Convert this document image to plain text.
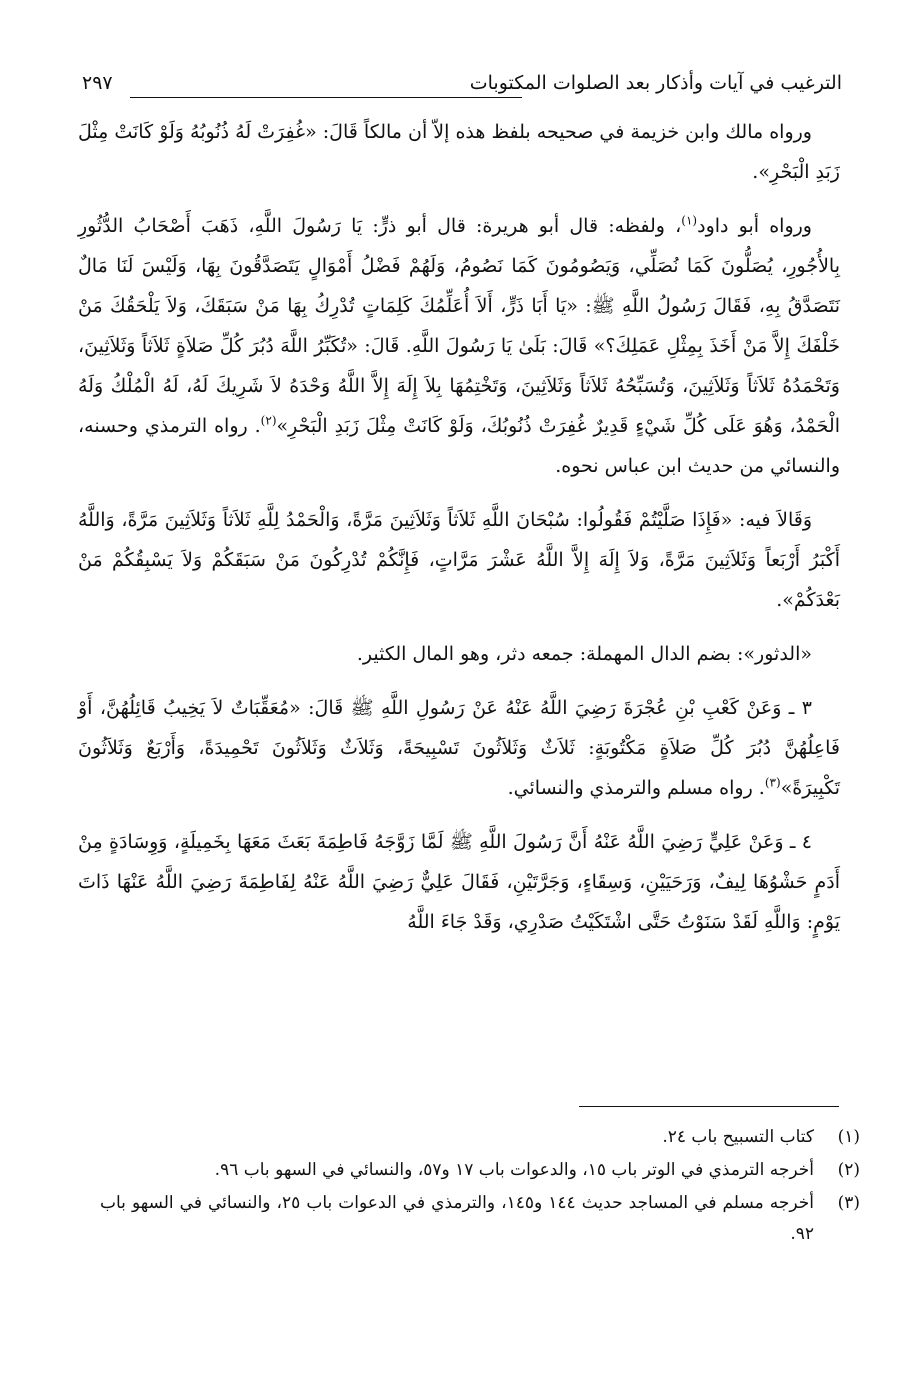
الترغيب في آيات وأذكار بعد الصلوات المكتوبات
٢٩٧

ورواه مالك وابن خزيمة في صحيحه بلفظ هذه إلاّ أن مالكاً قَالَ: «غُفِرَتْ لَهُ ذُنُوبُهُ وَلَوْ كَانَتْ مِثْلَ زَبَدِ الْبَحْرِ».

ورواه أبو داود$^{(١)}$، ولفظه: قال أبو هريرة: قال أبو ذرٍّ: يَا رَسُولَ اللَّهِ، ذَهَبَ أَصْحَابُ الدُّثُورِ بِالأُجُورِ، يُصَلُّونَ كَمَا نُصَلِّي، وَيَصُومُونَ كَمَا نَصُومُ، وَلَهُمْ فَضْلُ أَمْوَالٍ يَتَصَدَّقُونَ بِهَا، وَلَيْسَ لَنَا مَالٌ نَتَصَدَّقُ بِهِ، فَقَالَ رَسُولُ اللَّهِ ﷺ: «يَا أَبَا ذَرٍّ، أَلاَ أُعَلِّمُكَ كَلِمَاتٍ تُدْرِكُ بِهَا مَنْ سَبَقَكَ، وَلاَ يَلْحَقُكَ مَنْ خَلْفَكَ إِلاَّ مَنْ أَخَذَ بِمِثْلِ عَمَلِكَ؟» قَالَ: بَلَىٰ يَا رَسُولَ اللَّهِ. قَالَ: «تُكَبِّرُ اللَّهَ دُبُرَ كُلِّ صَلاَةٍ ثَلاَثاً وَثَلاَثِينَ، وَتَحْمَدُهُ ثَلاَثاً وَثَلاَثِينَ، وَتُسَبِّحُهُ ثَلاَثاً وَثَلاَثِينَ، وَتَخْتِمُهَا بِلاَ إِلَهَ إِلاَّ اللَّهُ وَحْدَهُ لاَ شَرِيكَ لَهُ، لَهُ الْمُلْكُ وَلَهُ الْحَمْدُ، وَهُوَ عَلَى كُلِّ شَيْءٍ قَدِيرٌ غُفِرَتْ ذُنُوبُكَ، وَلَوْ كَانَتْ مِثْلَ زَبَدِ الْبَحْرِ»$^{(٢)}$. رواه الترمذي وحسنه، والنسائي من حديث ابن عباس نحوه.

وَقَالاَ فيه: «فَإِذَا صَلَّيْتُمْ فَقُولُوا: سُبْحَانَ اللَّهِ ثَلاَثاً وَثَلاَثِينَ مَرَّةً، وَالْحَمْدُ لِلَّهِ ثَلاَثاً وَثَلاَثِينَ مَرَّةً، وَاللَّهُ أَكْبَرُ أَرْبَعاً وَثَلاَثِينَ مَرَّةً، وَلاَ إِلَهَ إِلاَّ اللَّهُ عَشْرَ مَرَّاتٍ، فَإِنَّكُمْ تُدْرِكُونَ مَنْ سَبَقَكُمْ وَلاَ يَسْبِقُكُمْ مَنْ بَعْدَكُمْ».

«الدثور»: بضم الدال المهملة: جمعه دثر، وهو المال الكثير.

٣ ـ وَعَنْ كَعْبِ بْنِ عُجْرَةَ رَضِيَ اللَّهُ عَنْهُ عَنْ رَسُولِ اللَّهِ ﷺ قَالَ: «مُعَقِّبَاتٌ لاَ يَخِيبُ قَائِلُهُنَّ، أَوْ فَاعِلُهُنَّ دُبُرَ كُلِّ صَلاَةٍ مَكْتُوبَةٍ: ثَلاَثٌ وَثَلاَثُونَ تَسْبِيحَةً، وَثَلاَثٌ وَثَلاَثُونَ تَحْمِيدَةً، وَأَرْبَعٌ وَثَلاَثُونَ تَكْبِيرَةً»$^{(٣)}$. رواه مسلم والترمذي والنسائي.

٤ ـ وَعَنْ عَلِيٍّ رَضِيَ اللَّهُ عَنْهُ أَنَّ رَسُولَ اللَّهِ ﷺ لَمَّا زَوَّجَهُ فَاطِمَةَ بَعَثَ مَعَهَا بِخَمِيلَةٍ، وَوِسَادَةٍ مِنْ أَدَمٍ حَشْوُهَا لِيفٌ، وَرَحَيَيْنِ، وَسِقَاءٍ، وَجَرَّتَيْنِ، فَقَالَ عَلِيٌّ رَضِيَ اللَّهُ عَنْهُ لِفَاطِمَةَ رَضِيَ اللَّهُ عَنْهَا ذَاتَ يَوْمٍ: وَاللَّهِ لَقَدْ سَنَوْتُ حَتَّى اشْتَكَيْتُ صَدْرِي، وَقَدْ جَاءَ اللَّهُ

(١)
كتاب التسبيح باب ٢٤.
(٢)
أخرجه الترمذي في الوتر باب ١٥، والدعوات باب ١٧ و٥٧، والنسائي في السهو باب ٩٦.
(٣)
أخرجه مسلم في المساجد حديث ١٤٤ و١٤٥، والترمذي في الدعوات باب ٢٥، والنسائي في السهو باب ٩٢.
